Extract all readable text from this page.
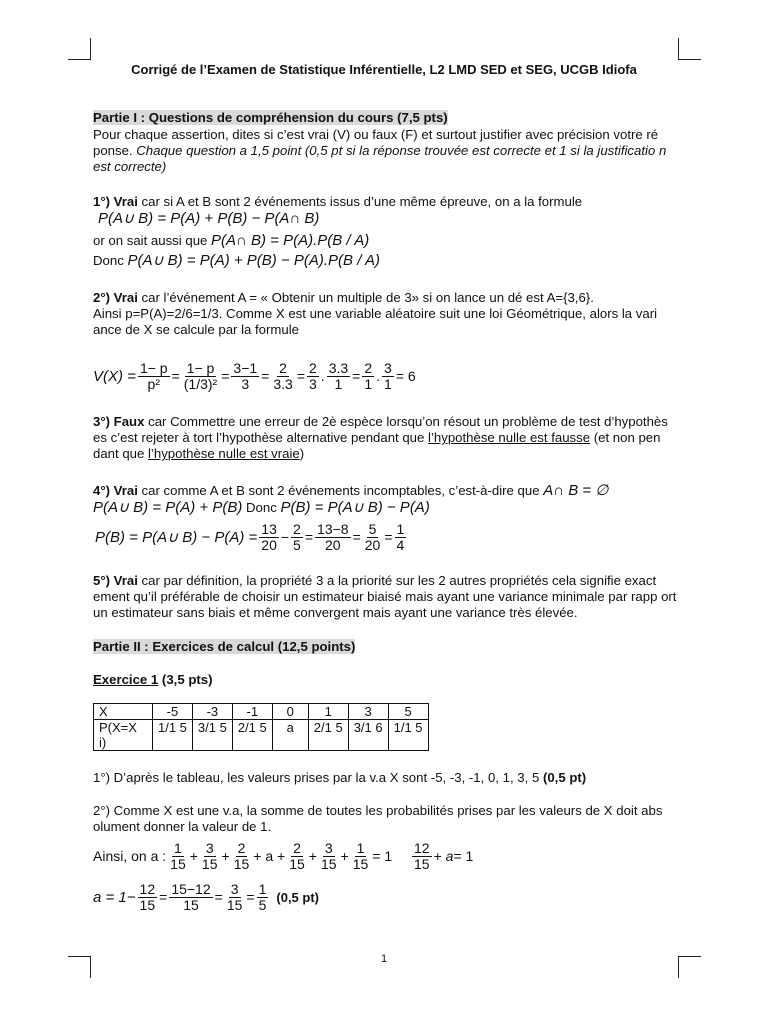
Corrigé de l’Examen de Statistique Inférentielle, L2 LMD SED et SEG, UCGB Idiofa

Partie I : Questions de compréhension du cours (7,5 pts)

Pour chaque assertion, dites si c’est vrai (V) ou faux (F) et surtout justifier avec précision votre ré ponse. Chaque question a 1,5 point (0,5 pt si la réponse trouvée est correcte et 1 si la justificatio n est correcte)

1°) Vrai car si A et B sont 2 événements issus d’une même épreuve, on a la formule

P(A∪ B) = P(A) + P(B) − P(A∩ B)

or on sait aussi que P(A∩ B) = P(A).P(B / A)

Donc P(A∪ B) = P(A) + P(B) − P(A).P(B / A)

2°) Vrai car l’événement A = « Obtenir un multiple de 3» si on lance un dé est A={3,6}.

Ainsi p=P(A)=2/6=1/3. Comme X est une variable aléatoire suit une loi Géométrique, alors la vari ance de X se calcule par la formule

$V(X) = \frac{1- p}{\text{p²}} = \frac{1- p}{\text{(1/3)²}} = \frac{3-1}{3} = \frac{2}{3.3} = \frac{2}{3}$ . $\frac{3.3}{1} = \frac{2}{1}$ . $\frac{3}{1} = 6$

3°) Faux car Commettre une erreur de 2è espèce lorsqu’on résout un problème de test d’hypothès es c’est rejeter à tort l’hypothèse alternative pendant que l’hypothèse nulle est fausse (et non pen dant que l’hypothèse nulle est vraie)

4°) Vrai car comme A et B sont 2 événements incomptables, c’est-à-dire que A∩ B = ∅

P(A∪ B) = P(A) + P(B) Donc P(B) = P(A∪ B) − P(A)

P(B) = P(A∪ $B) - P(A) = \frac{13}{20} - \frac{2}{5} = \frac{13-8}{20} = \frac{5}{20} = \frac{1}{4}$

5°) Vrai car par définition, la propriété 3 a la priorité sur les 2 autres propriétés cela signifie exact ement qu’il préférable de choisir un estimateur biaisé mais ayant une variance minimale par rapp ort un estimateur sans biais et même convergent mais ayant une variance très élevée.

Partie II : Exercices de calcul (12,5 points)

Exercice 1 (3,5 pts)

X	-5	-3	-1	0	1	3	5
P(X=X i)	1/1 5	3/1 5	2/1 5	a	2/1 5	3/1 6	1/1 5

1°) D’après le tableau, les valeurs prises par la v.a X sont -5, -3, -1, 0, 1, 3, 5 (0,5 pt)

2°) Comme X est une v.a, la somme de toutes les probabilités prises par les valeurs de X doit abs olument donner la valeur de 1.

Ainsi, on a : $\frac{1}{15} + \frac{3}{15} + \frac{2}{15} + a + \frac{2}{15} + \frac{3}{15} + \frac{1}{15} = 1 \frac{12}{15} + a = 1$
$a = 1- \frac{12}{15} = \frac{15-12}{15} = \frac{3}{15} = \frac{1}{5} (0,5$ pt)
1
